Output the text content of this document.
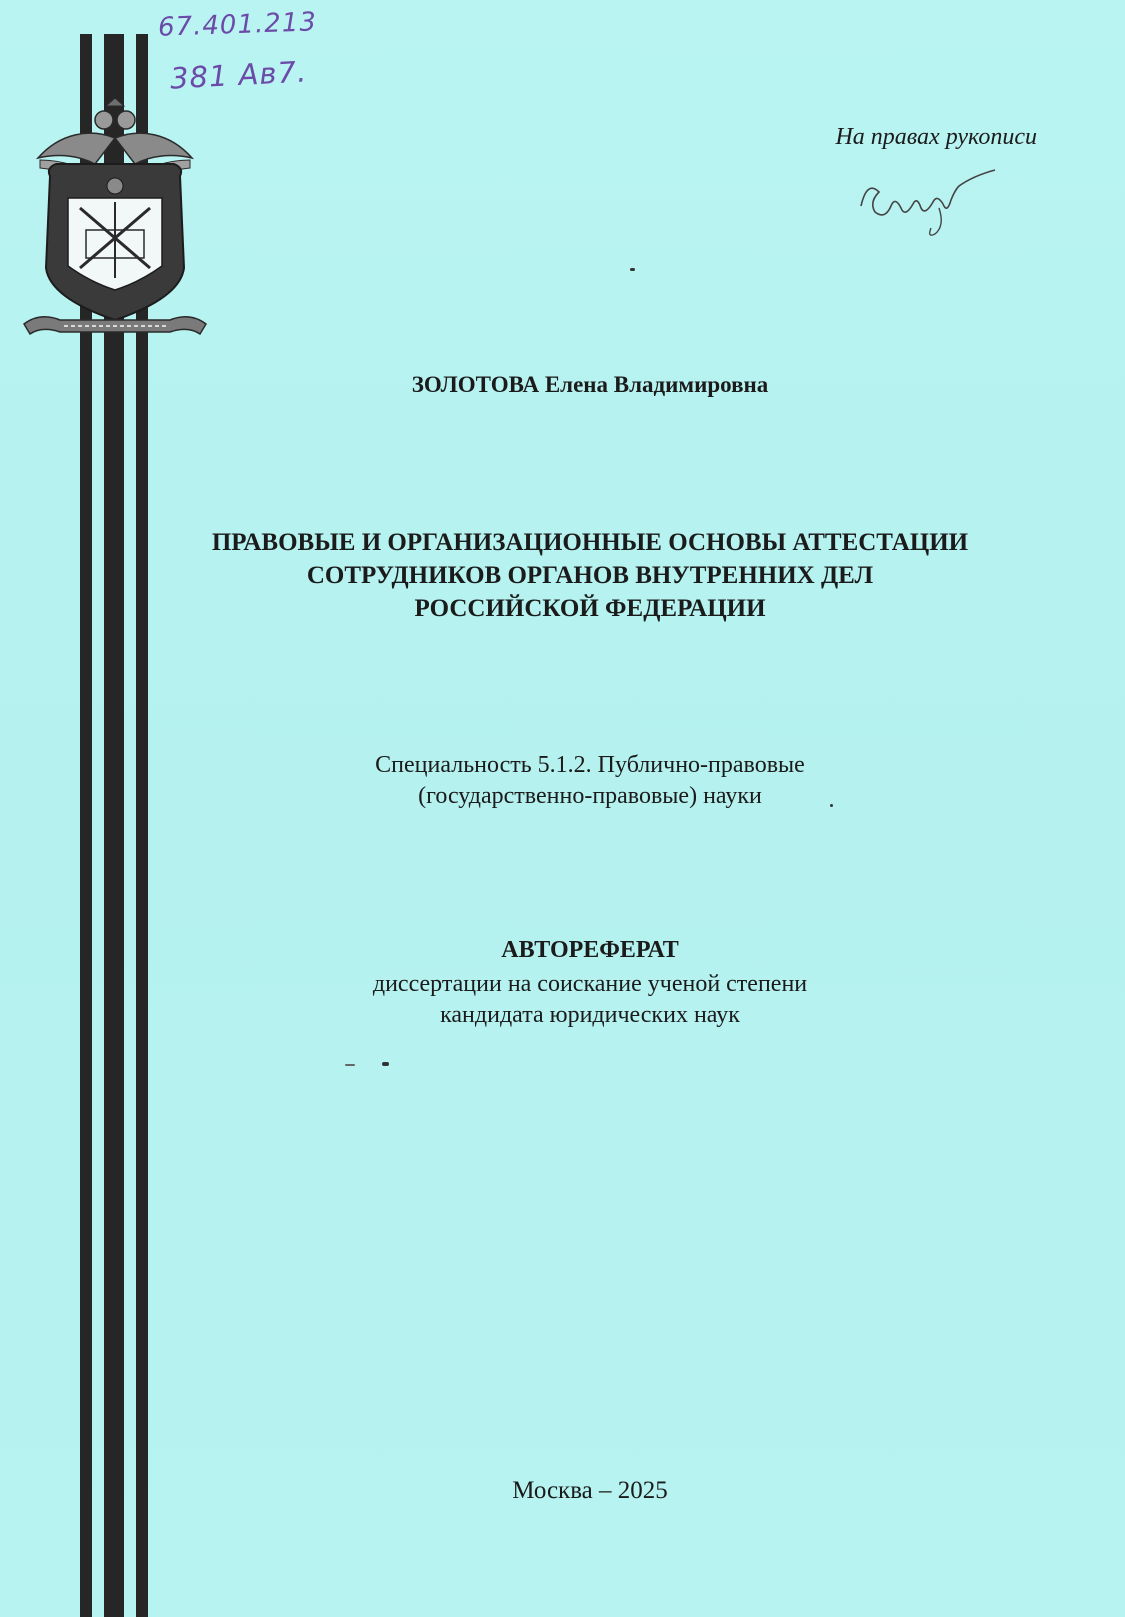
67.401.213
381 Ав7.
На правах рукописи
ЗОЛОТОВА Елена Владимировна
ПРАВОВЫЕ И ОРГАНИЗАЦИОННЫЕ ОСНОВЫ АТТЕСТАЦИИ
СОТРУДНИКОВ ОРГАНОВ ВНУТРЕННИХ ДЕЛ
РОССИЙСКОЙ ФЕДЕРАЦИИ
Специальность 5.1.2. Публично-правовые
(государственно-правовые) науки
АВТОРЕФЕРАТ
диссертации на соискание ученой степени
кандидата юридических наук
Москва – 2025
